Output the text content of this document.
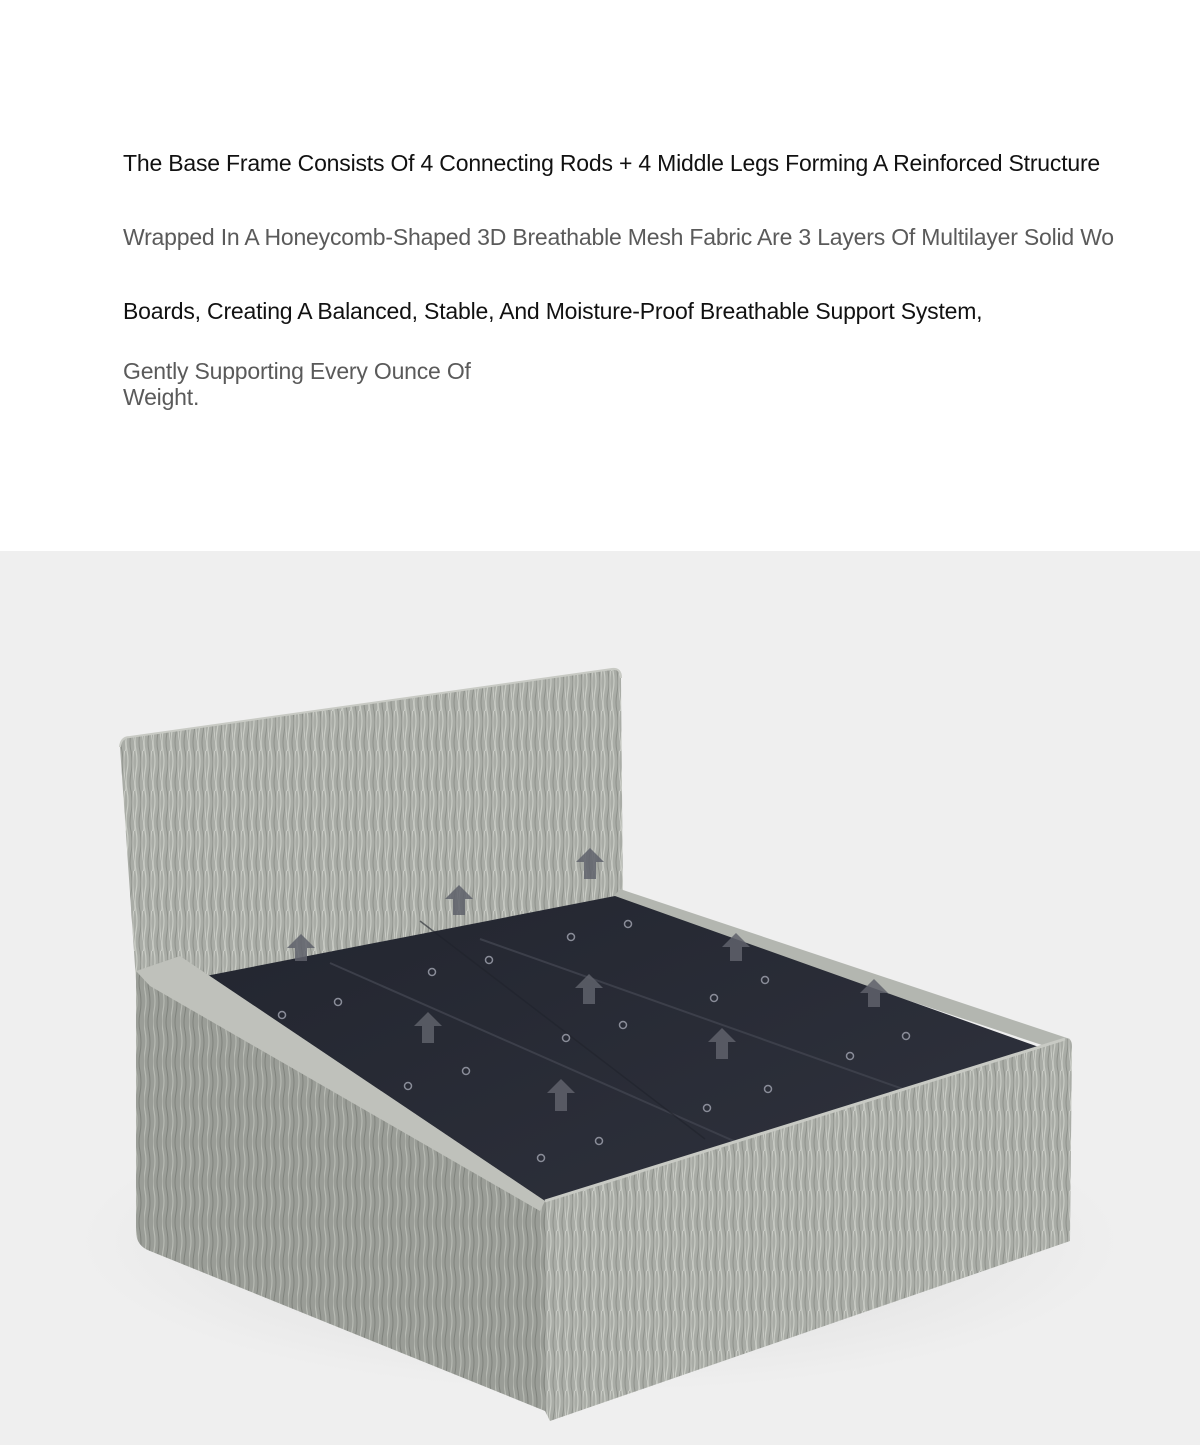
The Base Frame Consists Of 4 Connecting Rods + 4 Middle Legs Forming A Reinforced Structure
Wrapped In A Honeycomb-Shaped 3D Breathable Mesh Fabric Are 3 Layers Of Multilayer Solid Wo
Boards, Creating A Balanced, Stable, And Moisture-Proof Breathable Support System,
Gently Supporting Every Ounce Of Weight.
